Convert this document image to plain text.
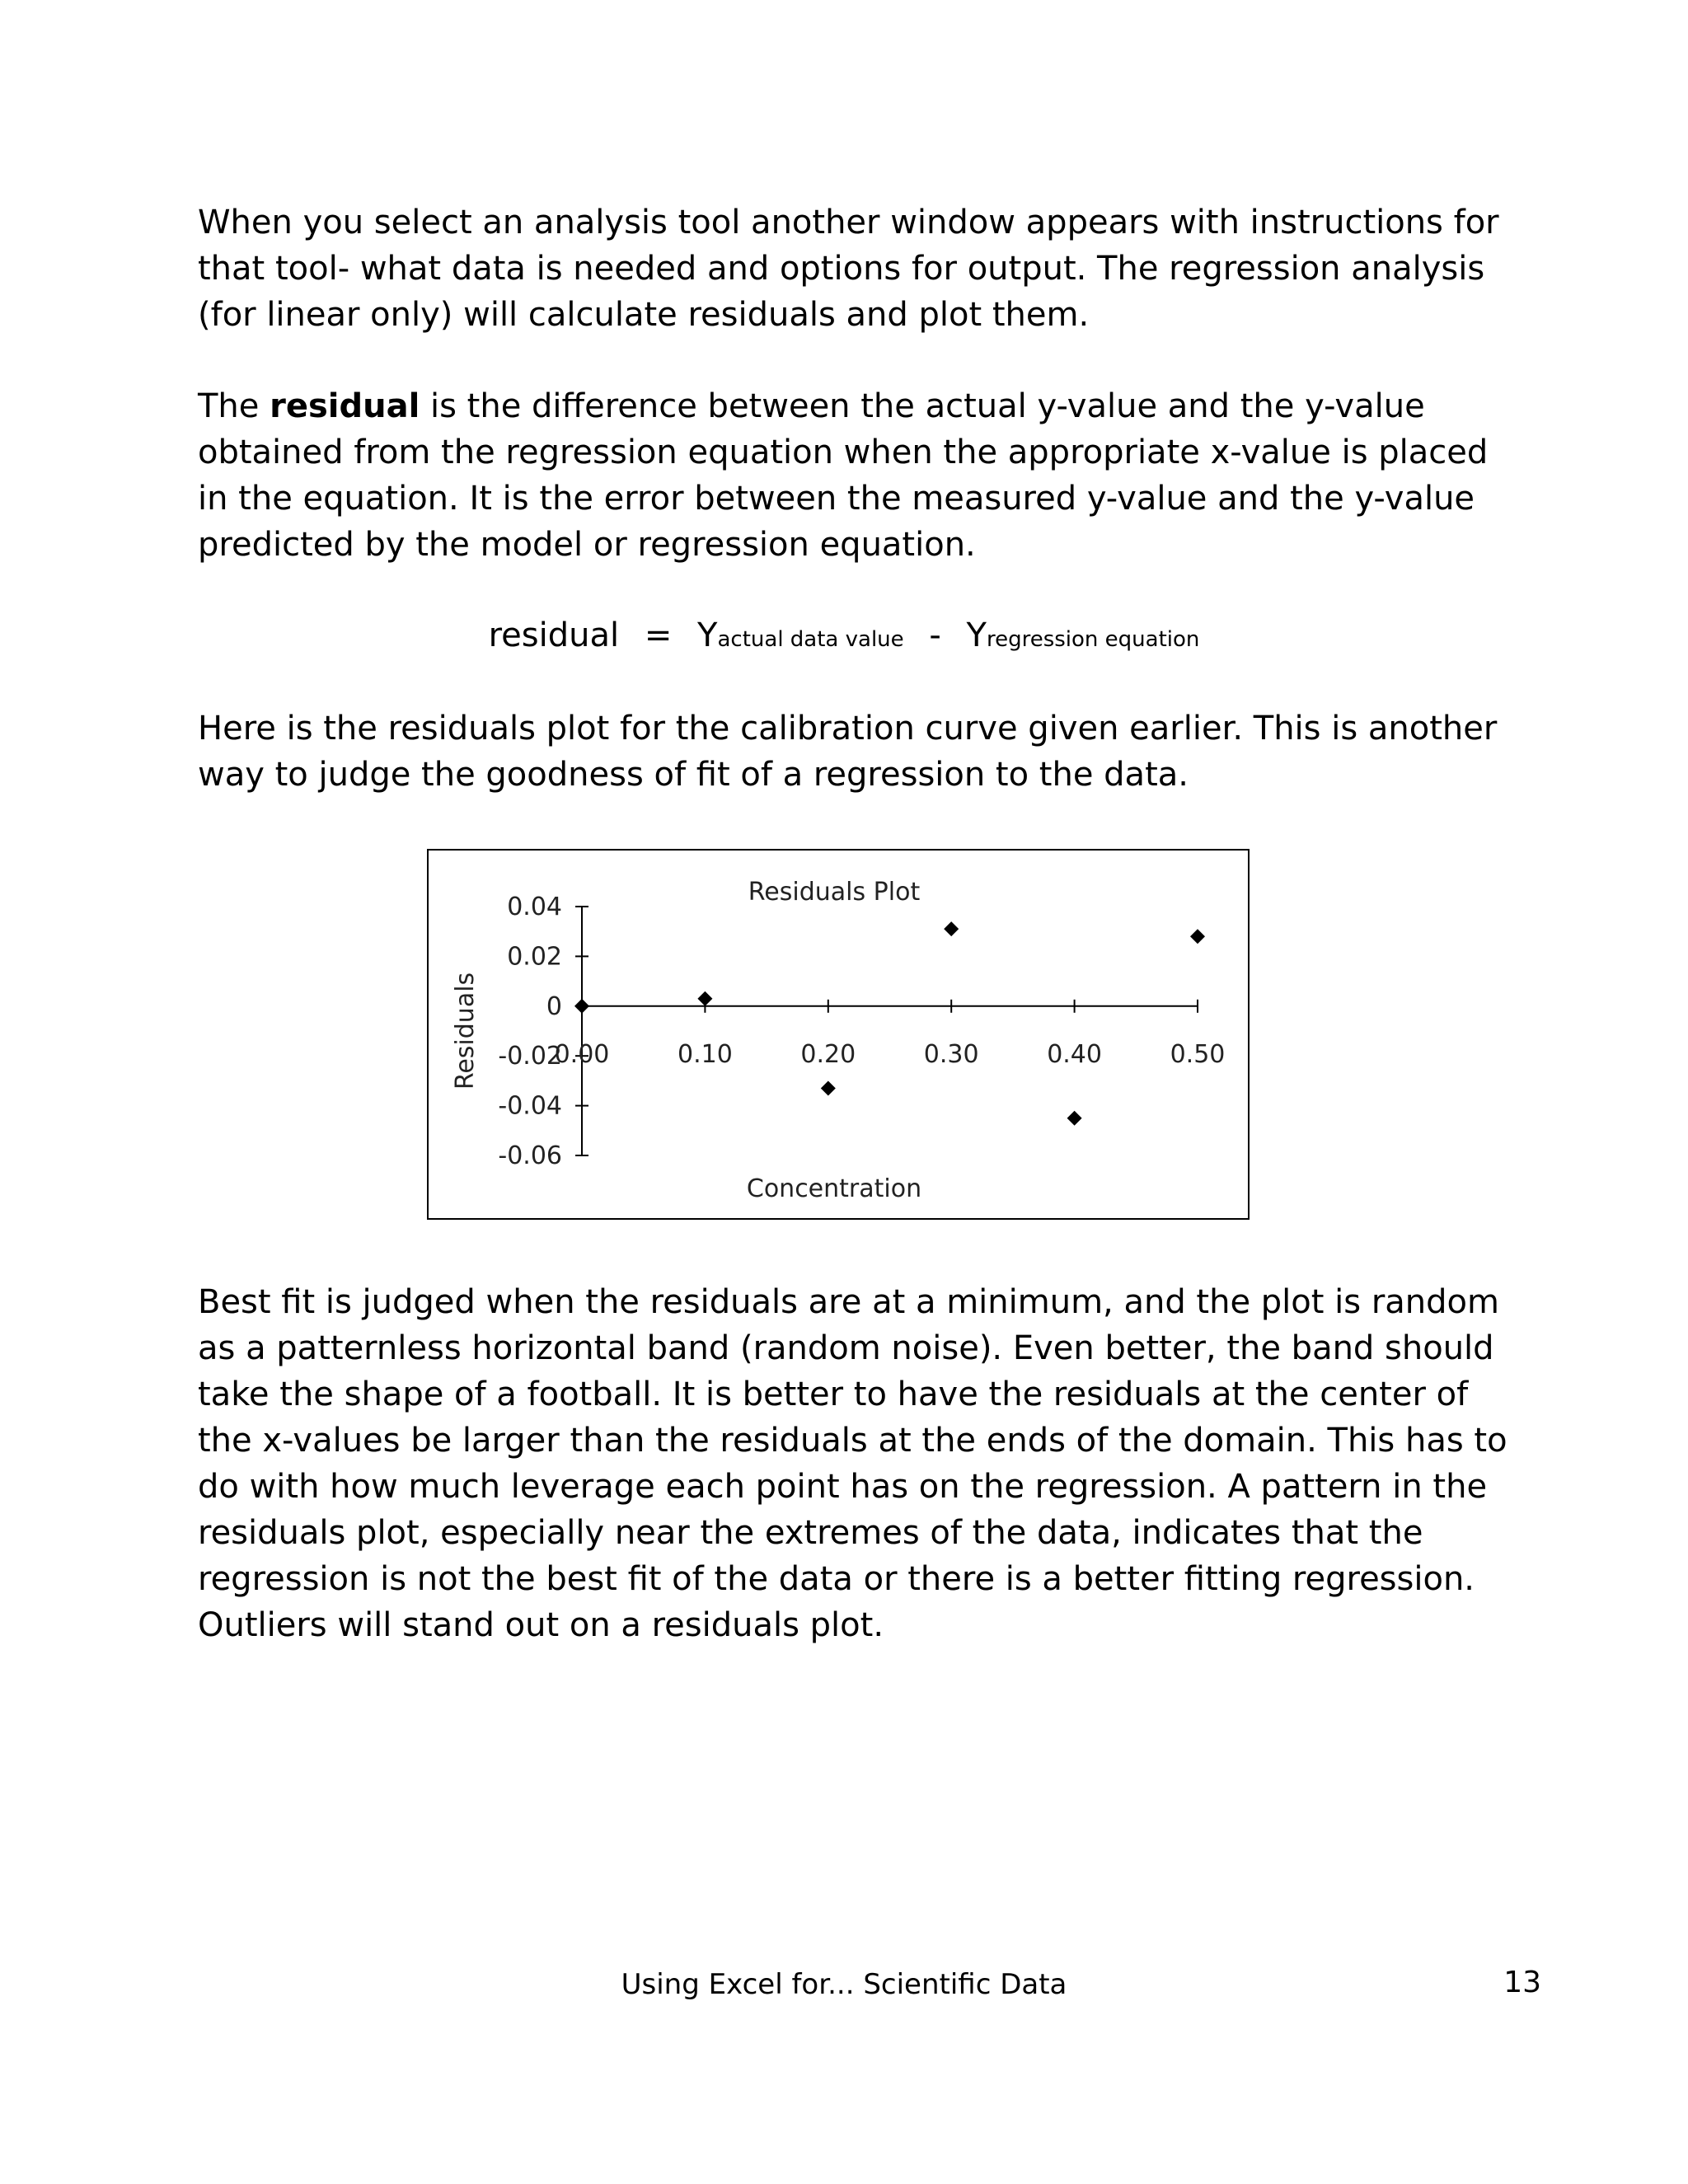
When you select an analysis tool another window appears with instructions for that tool- what data is needed and options for output. The regression analysis (for linear only) will calculate residuals and plot them.

The residual is the difference between the actual y-value and the y-value obtained from the regression equation when the appropriate x-value is placed in the equation. It is the error between the measured y-value and the y-value predicted by the model or regression equation.

residual = Yactual data value - Yregression equation

Here is the residuals plot for the calibration curve given earlier. This is another way to judge the goodness of fit of a regression to the data.

Residuals Plot
0.04
0.02
0
-0.02
-0.04
-0.06
0.00	0.10	0.20	0.30	0.40	0.50
Concentration
Residuals

Best fit is judged when the residuals are at a minimum, and the plot is random as a patternless horizontal band (random noise). Even better, the band should take the shape of a football. It is better to have the residuals at the center of the x-values be larger than the residuals at the ends of the domain. This has to do with how much leverage each point has on the regression. A pattern in the residuals plot, especially near the extremes of the data, indicates that the regression is not the best fit of the data or there is a better fitting regression. Outliers will stand out on a residuals plot.

Using Excel for... Scientific Data	13
